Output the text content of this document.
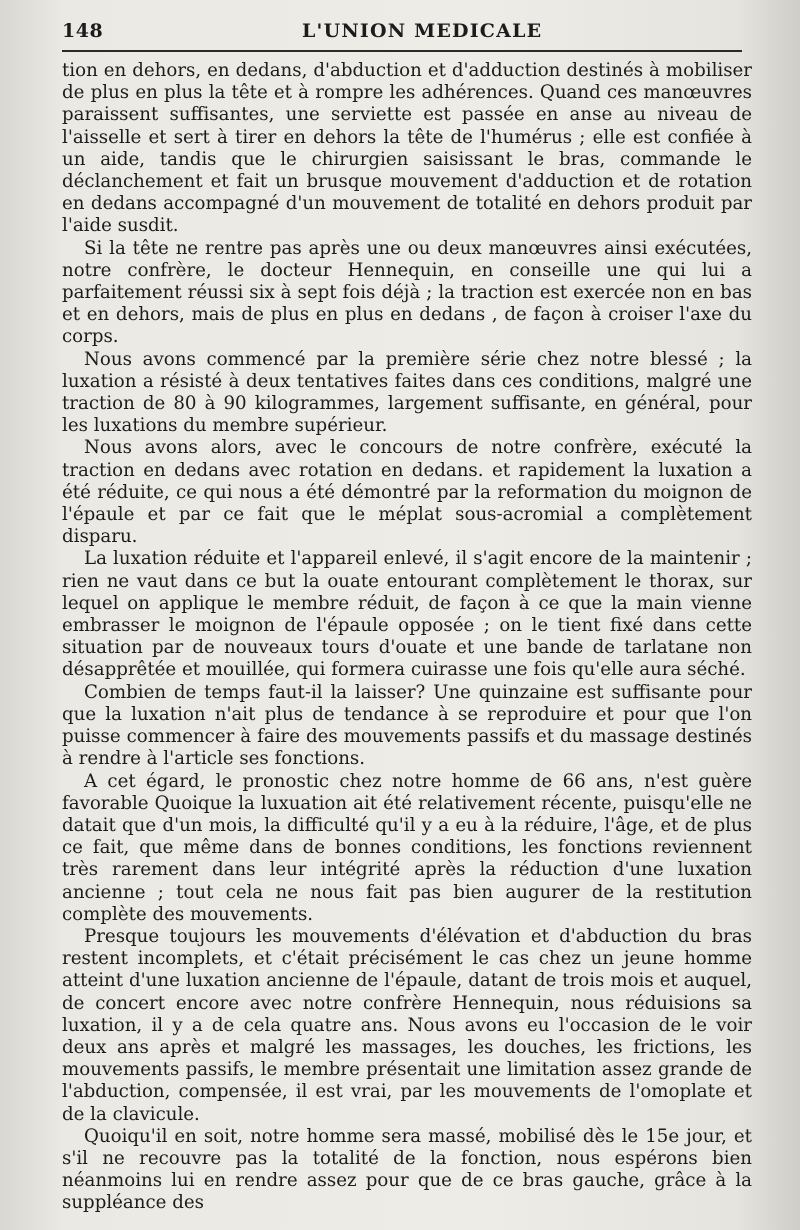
148	L'UNION MEDICALE

tion en dehors, en dedans, d'abduction et d'adduction destinés à mobiliser de plus en plus la tête et à rompre les adhérences. Quand ces manœuvres paraissent suffisantes, une serviette est passée en anse au niveau de l'aisselle et sert à tirer en dehors la tête de l'humérus ; elle est confiée à un aide, tandis que le chirurgien saisissant le bras, commande le déclanchement et fait un brusque mouvement d'adduction et de rotation en dedans accompagné d'un mouvement de totalité en dehors produit par l'aide susdit.

Si la tête ne rentre pas après une ou deux manœuvres ainsi exécutées, notre confrère, le docteur Hennequin, en conseille une qui lui a parfaitement réussi six à sept fois déjà ; la traction est exercée non en bas et en dehors, mais de plus en plus en dedans , de façon à croiser l'axe du corps.

Nous avons commencé par la première série chez notre blessé ; la luxation a résisté à deux tentatives faites dans ces conditions, malgré une traction de 80 à 90 kilogrammes, largement suffisante, en général, pour les luxations du membre supérieur.

Nous avons alors, avec le concours de notre confrère, exécuté la traction en dedans avec rotation en dedans. et rapidement la luxation a été réduite, ce qui nous a été démontré par la reformation du moignon de l'épaule et par ce fait que le méplat sous-acromial a complètement disparu.

La luxation réduite et l'appareil enlevé, il s'agit encore de la maintenir ; rien ne vaut dans ce but la ouate entourant complètement le thorax, sur lequel on applique le membre réduit, de façon à ce que la main vienne embrasser le moignon de l'épaule opposée ; on le tient fixé dans cette situation par de nouveaux tours d'ouate et une bande de tarlatane non désapprêtée et mouillée, qui formera cuirasse une fois qu'elle aura séché.

Combien de temps faut-il la laisser? Une quinzaine est suffisante pour que la luxation n'ait plus de tendance à se reproduire et pour que l'on puisse commencer à faire des mouvements passifs et du massage destinés à rendre à l'article ses fonctions.

A cet égard, le pronostic chez notre homme de 66 ans, n'est guère favorable Quoique la luxuation ait été relativement récente, puisqu'elle ne datait que d'un mois, la difficulté qu'il y a eu à la réduire, l'âge, et de plus ce fait, que même dans de bonnes conditions, les fonctions reviennent très rarement dans leur intégrité après la réduction d'une luxation ancienne ; tout cela ne nous fait pas bien augurer de la restitution complète des mouvements.

Presque toujours les mouvements d'élévation et d'abduction du bras restent incomplets, et c'était précisément le cas chez un jeune homme atteint d'une luxation ancienne de l'épaule, datant de trois mois et auquel, de concert encore avec notre confrère Hennequin, nous réduisions sa luxation, il y a de cela quatre ans. Nous avons eu l'occasion de le voir deux ans après et malgré les massages, les douches, les frictions, les mouvements passifs, le membre présentait une limitation assez grande de l'abduction, compensée, il est vrai, par les mouvements de l'omoplate et de la clavicule.

Quoiqu'il en soit, notre homme sera massé, mobilisé dès le 15e jour, et s'il ne recouvre pas la totalité de la fonction, nous espérons bien néanmoins lui en rendre assez pour que de ce bras gauche, grâce à la suppléance des
